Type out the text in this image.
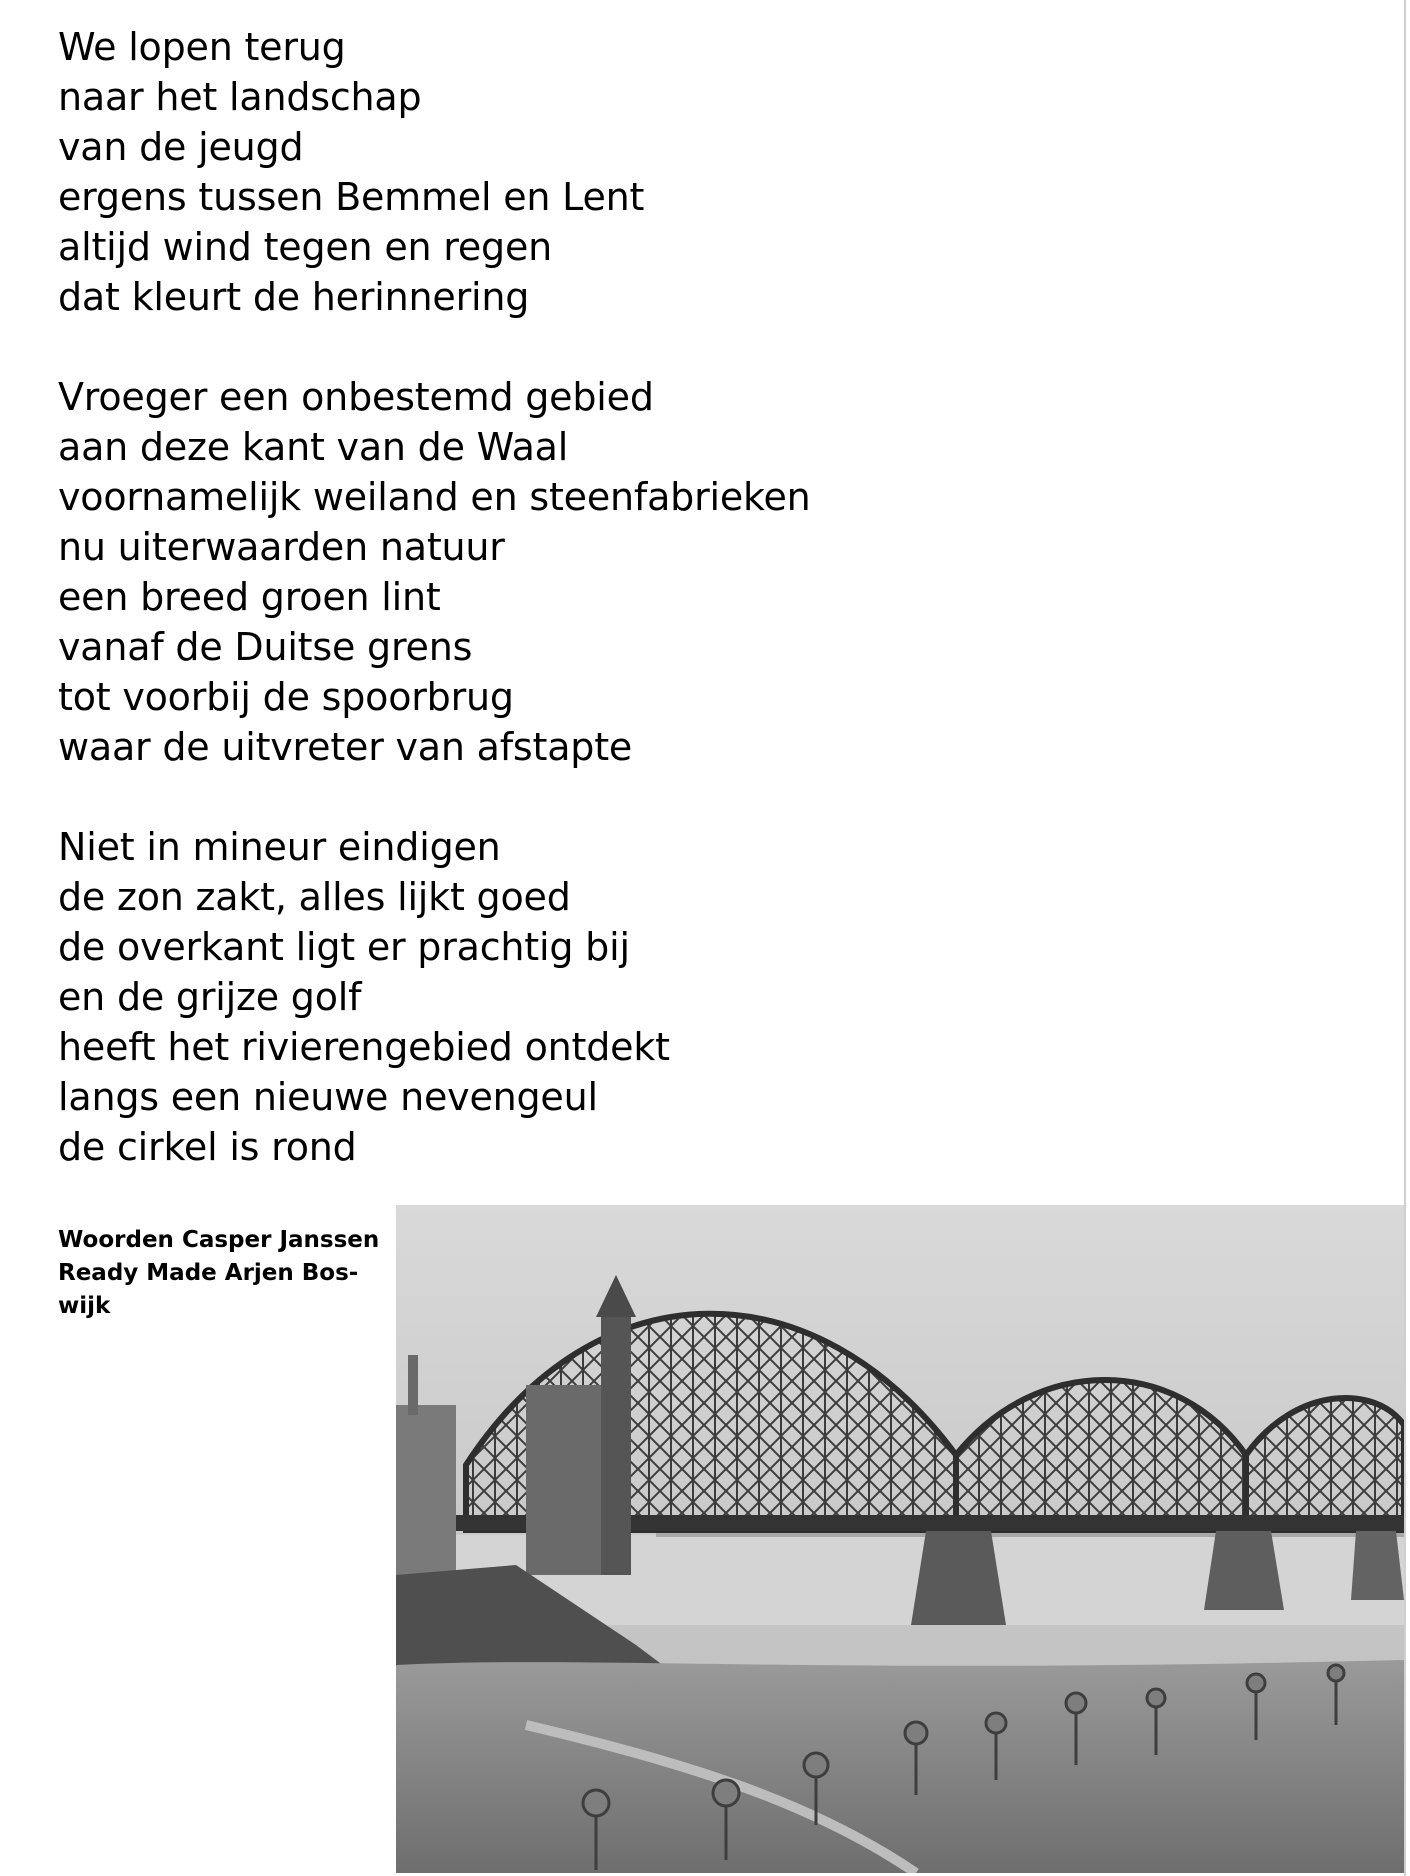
We lopen terug
naar het landschap
van de jeugd
ergens tussen Bemmel en Lent
altijd wind tegen en regen
dat kleurt de herinnering
Vroeger een onbestemd gebied
aan deze kant van de Waal
voornamelijk weiland en steenfabrieken
nu uiterwaarden natuur
een breed groen lint
vanaf de Duitse grens
tot voorbij de spoorbrug
waar de uitvreter van afstapte
Niet in mineur eindigen
de zon zakt, alles lijkt goed
de overkant ligt er prachtig bij
en de grijze golf
heeft het rivierengebied ontdekt
langs een nieuwe nevengeul
de cirkel is rond
Woorden Casper Janssen
Ready Made Arjen Bos-
wijk
